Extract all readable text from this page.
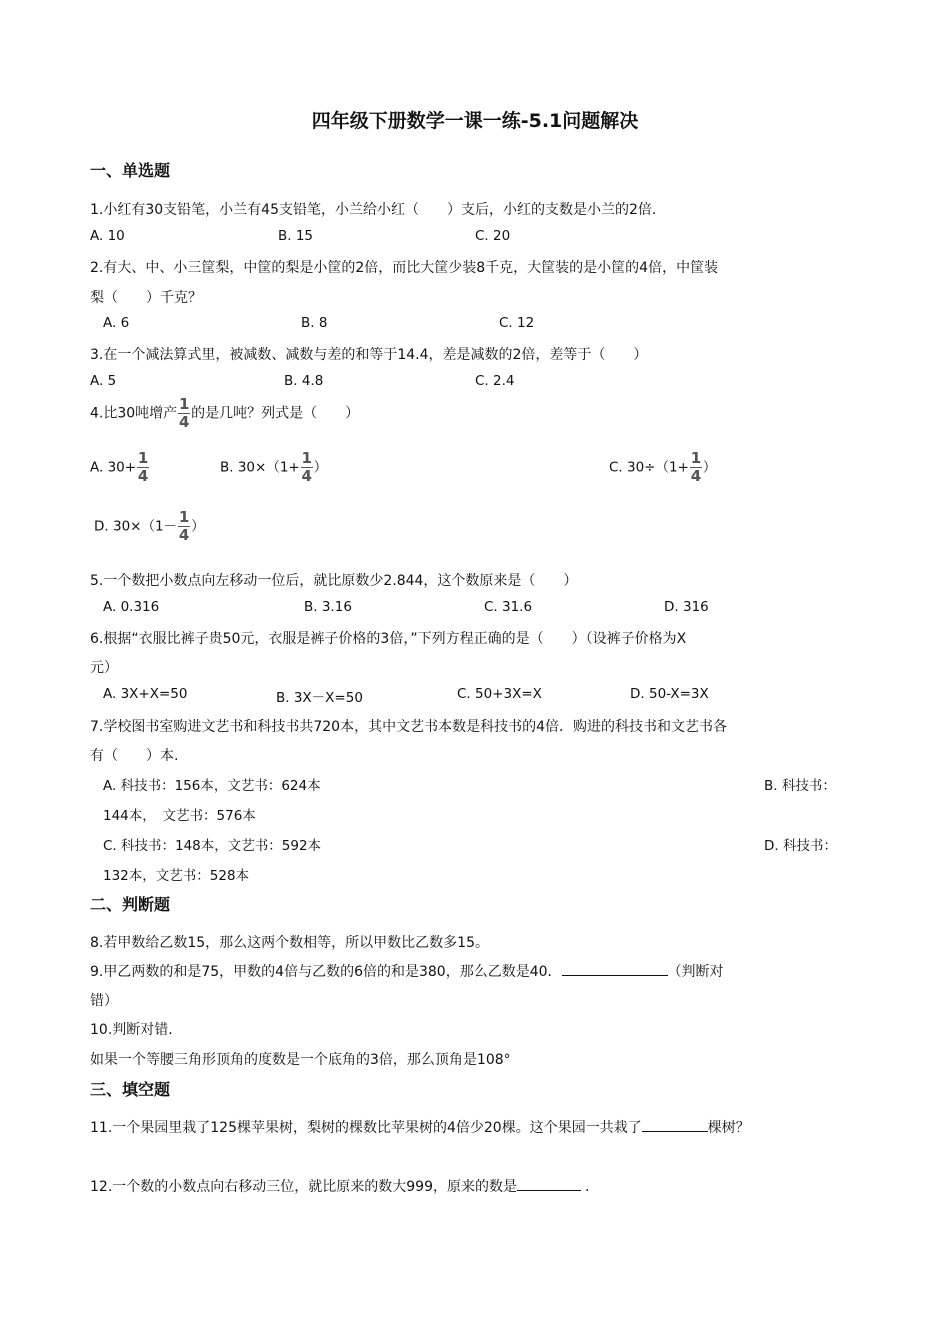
四年级下册数学一课一练-5.1问题解决
一、单选题
1.小红有30支铅笔，小兰有45支铅笔，小兰给小红（　　）支后，小红的支数是小兰的2倍.
A. 10	B. 15	C. 20
2.有大、中、小三筐梨，中筐的梨是小筐的2倍，而比大筐少装8千克，大筐装的是小筐的4倍，中筐装
梨（　　）千克？
A. 6	B. 8	C. 12
3.在一个减法算式里，被减数、减数与差的和等于14.4，差是减数的2倍，差等于（　　）
A. 5	B. 4.8	C. 2.4
4.比30吨增产 $\frac{1}{4}$ 的是几吨？列式是（　　）
A. $30+ \frac{1}{4}$	B. $30\times(1+ \frac{1}{4}$ ）	C. $30\div(1+ \frac{1}{4}$ ）
D. $30\times(1- \frac{1}{4}$ ）
5.一个数把小数点向左移动一位后，就比原数少2.844，这个数原来是（　　）
A. 0.316	B. 3.16	C. 31.6	D. 316
6.根据“衣服比裤子贵50元，衣服是裤子价格的3倍，”下列方程正确的是（　　）（设裤子价格为X
元）
A. 3X+X=50	B. 3X－X=50	C. 50+3X=X	D. 50-X=3X
7.学校图书室购进文艺书和科技书共720本，其中文艺书本数是科技书的4倍．购进的科技书和文艺书各
有（　　）本.
A. 科技书：156本，文艺书：624本	B. 科技书：
144本，　文艺书：576本
C. 科技书：148本，文艺书：592本	D. 科技书：
132本，文艺书：528本
二、判断题
8.若甲数给乙数15，那么这两个数相等，所以甲数比乙数多15。
9.甲乙两数的和是75，甲数的4倍与乙数的6倍的和是380，那么乙数是40．	（判断对
错）
10.判断对错.
如果一个等腰三角形顶角的度数是一个底角的3倍，那么顶角是108°
三、填空题
11.一个果园里栽了125棵苹果树，梨树的棵数比苹果树的4倍少20棵。这个果园一共栽了	棵树？
12.一个数的小数点向右移动三位，就比原来的数大999，原来的数是	.
